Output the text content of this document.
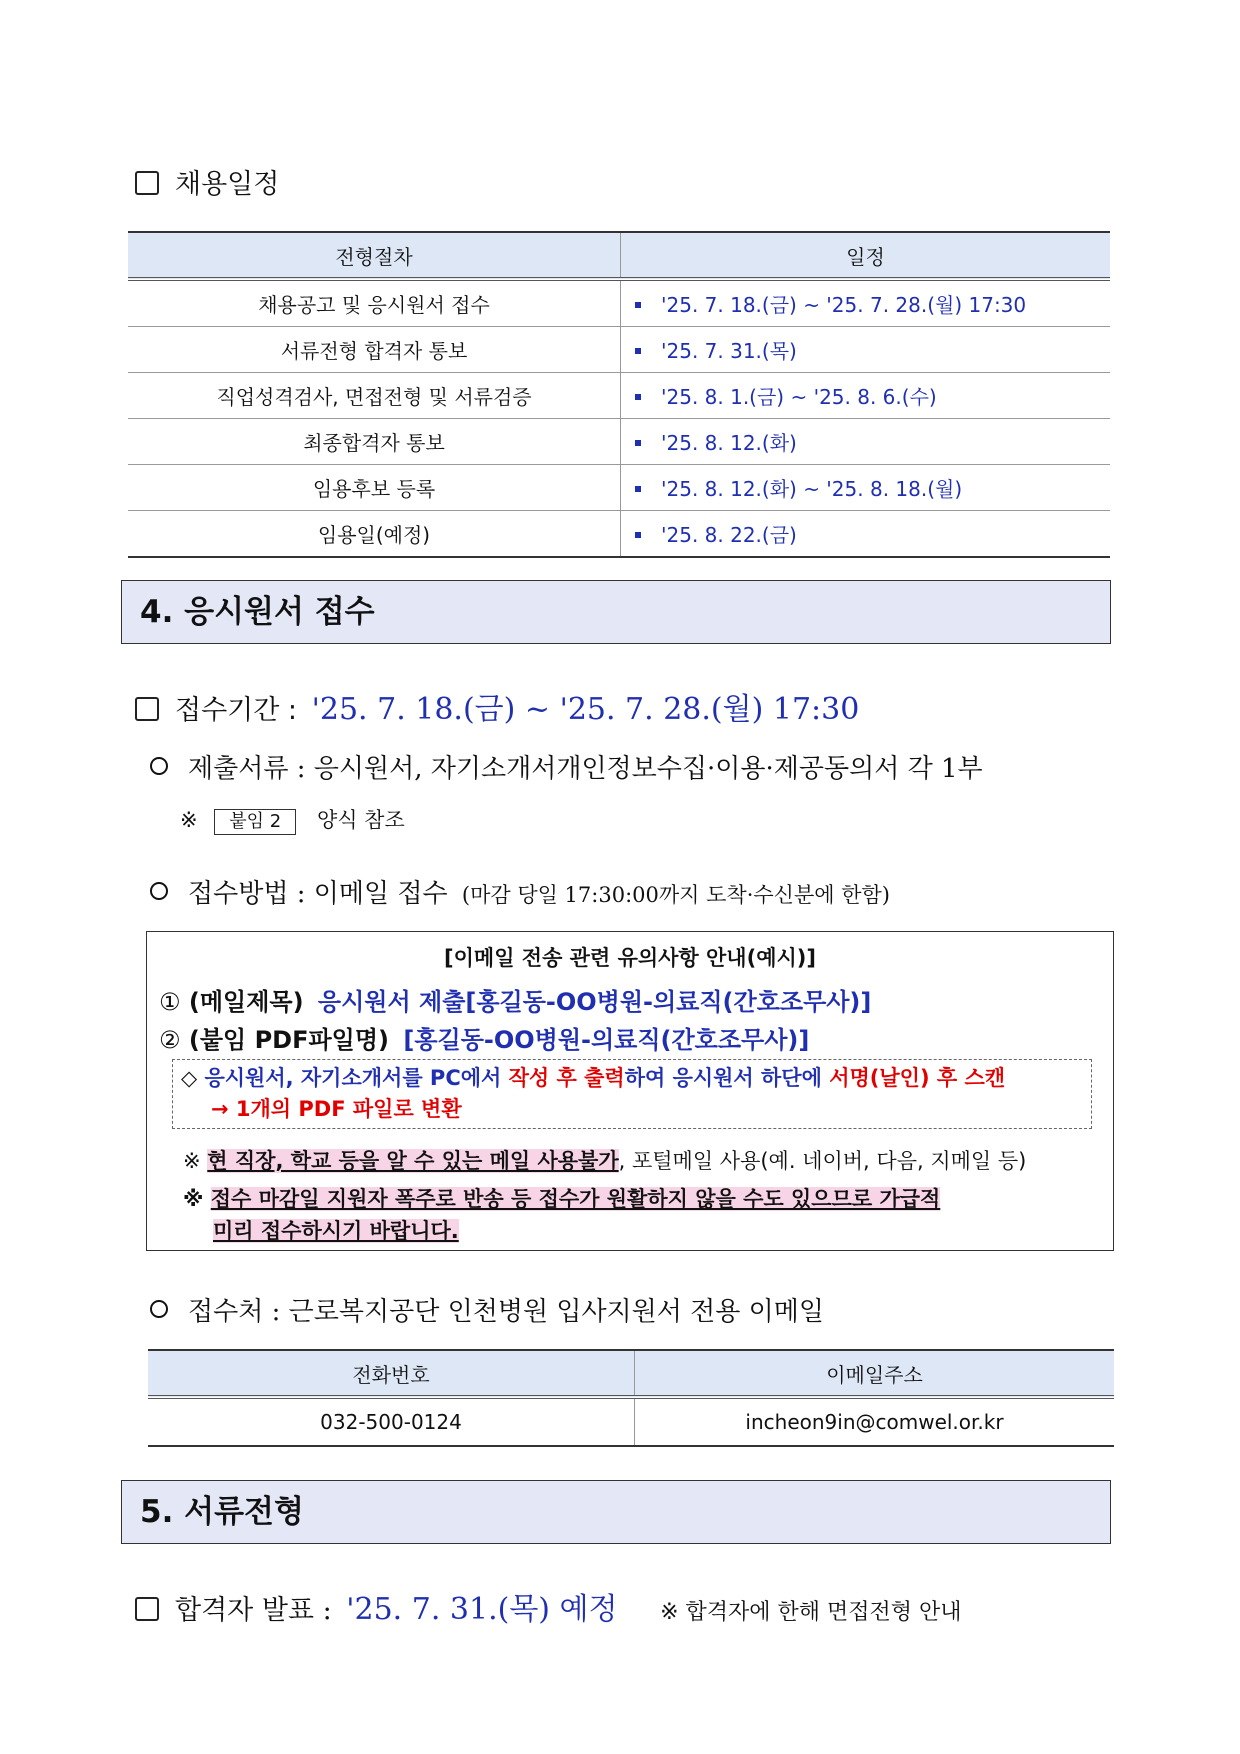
채용일정
전형절차	일정
채용공고 및 응시원서 접수	'25. 7. 18.(금) ~ '25. 7. 28.(월) 17:30
서류전형 합격자 통보	'25. 7. 31.(목)
직업성격검사, 면접전형 및 서류검증	'25. 8. 1.(금) ~ '25. 8. 6.(수)
최종합격자 통보	'25. 8. 12.(화)
임용후보 등록	'25. 8. 12.(화) ~ '25. 8. 18.(월)
임용일(예정)	'25. 8. 22.(금)
4. 응시원서 접수
접수기간 : '25. 7. 18.(금) ~ '25. 7. 28.(월) 17:30
제출서류 : 응시원서, 자기소개서개인정보수집·이용·제공동의서 각 1부
※ 붙임 2 양식 참조
접수방법 : 이메일 접수 (마감 당일 17:30:00까지 도착·수신분에 한함)
[이메일 전송 관련 유의사항 안내(예시)]
① (메일제목) 응시원서 제출[홍길동-OO병원-의료직(간호조무사)]
② (붙임 PDF파일명) [홍길동-OO병원-의료직(간호조무사)]
◇ 응시원서, 자기소개서를 PC에서 작성 후 출력하여 응시원서 하단에 서명(날인) 후 스캔
→ 1개의 PDF 파일로 변환
※ 현 직장, 학교 등을 알 수 있는 메일 사용불가, 포털메일 사용(예. 네이버, 다음, 지메일 등)
※ 접수 마감일 지원자 폭주로 반송 등 접수가 원활하지 않을 수도 있으므로 가급적
미리 접수하시기 바랍니다.
접수처 : 근로복지공단 인천병원 입사지원서 전용 이메일
전화번호	이메일주소
032-500-0124	incheon9in@comwel.or.kr
5. 서류전형
합격자 발표 : '25. 7. 31.(목) 예정 ※ 합격자에 한해 면접전형 안내
